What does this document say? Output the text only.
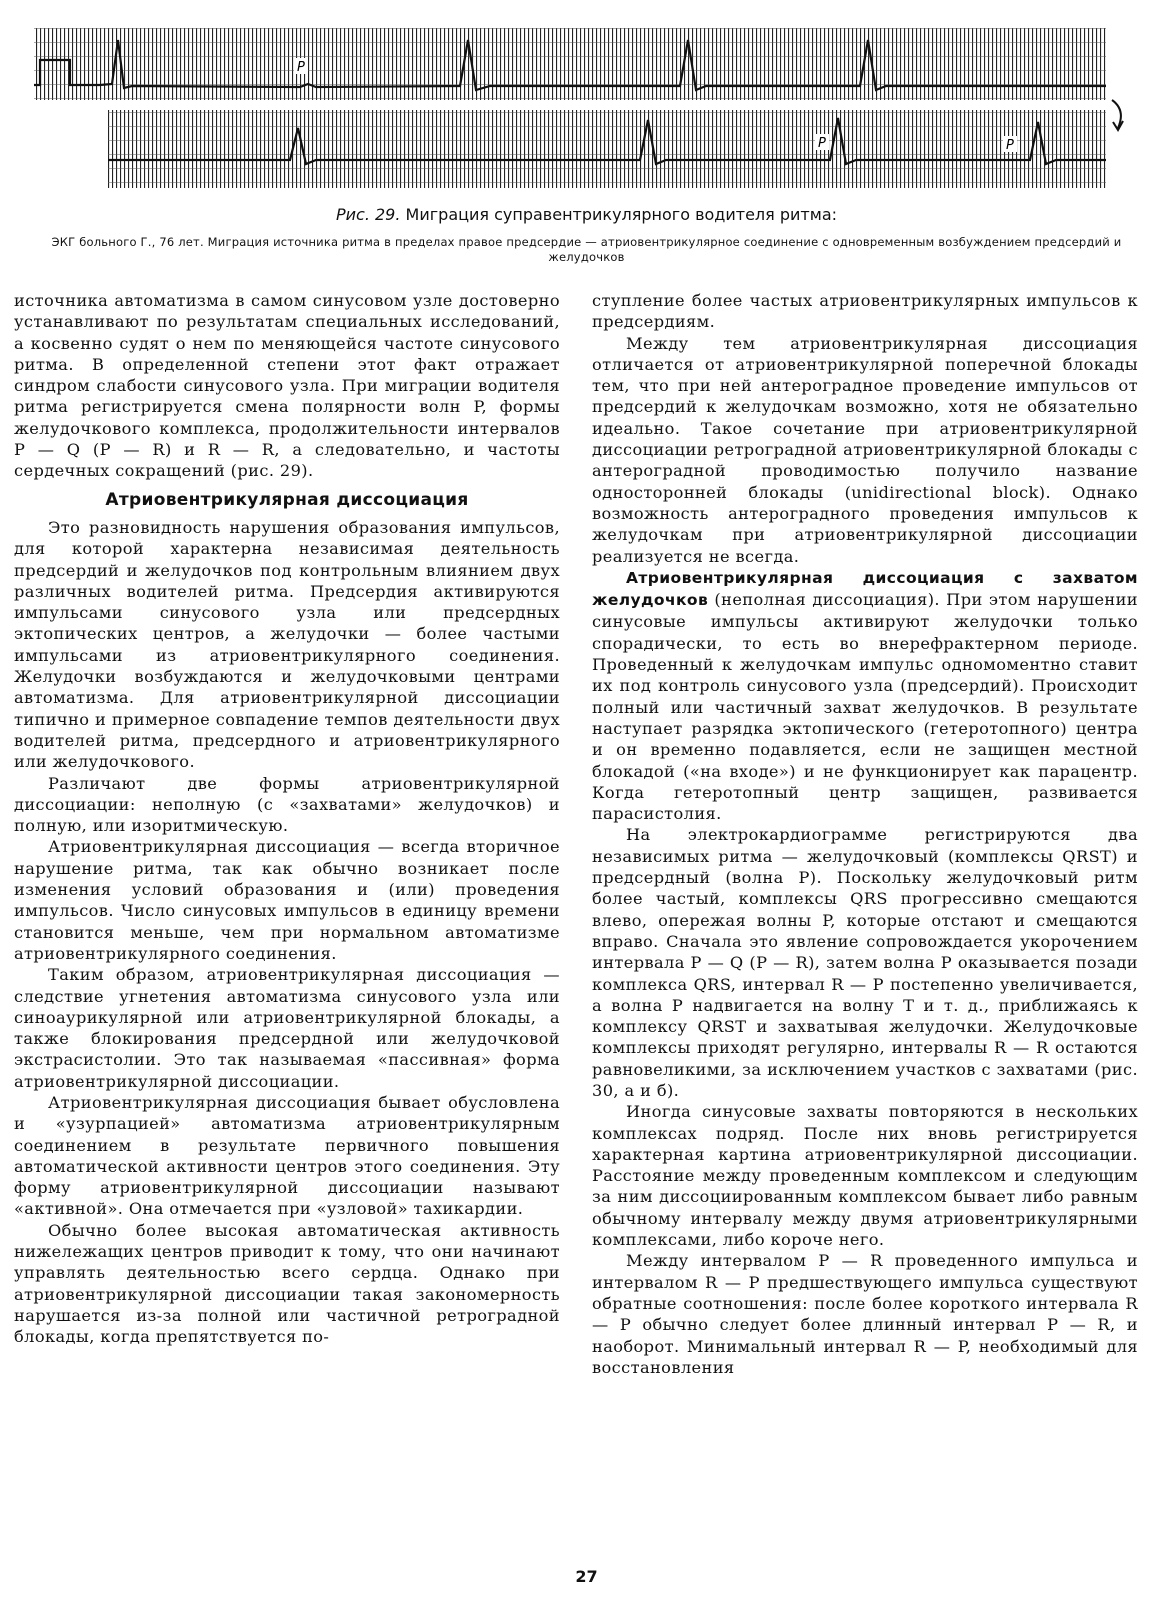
P
P	P
Рис. 29. Миграция суправентрикулярного водителя ритма:
ЭКГ больного Г., 76 лет. Миграция источника ритма в пределах правое предсердие — атриовентрикулярное соединение с одновременным возбуждением предсердий и желудочков

источника автоматизма в самом синусовом узле достоверно устанавливают по результатам специальных исследований, а косвенно судят о нем по меняющейся частоте синусового ритма. В определенной степени этот факт отражает синдром слабости синусового узла. При миграции водителя ритма регистрируется смена полярности волн P, формы желудочкового комплекса, продолжительности интервалов P — Q (P — R) и R — R, а следовательно, и частоты сердечных сокращений (рис. 29).

Атриовентрикулярная диссоциация

Это разновидность нарушения образования импульсов, для которой характерна независимая деятельность предсердий и желудочков под контрольным влиянием двух различных водителей ритма. Предсердия активируются импульсами синусового узла или предсердных эктопических центров, а желудочки — более частыми импульсами из атриовентрикулярного соединения. Желудочки возбуждаются и желудочковыми центрами автоматизма. Для атриовентрикулярной диссоциации типично и примерное совпадение темпов деятельности двух водителей ритма, предсердного и атриовентрикулярного или желудочкового.

Различают две формы атриовентрикулярной диссоциации: неполную (с «захватами» желудочков) и полную, или изоритмическую.

Атриовентрикулярная диссоциация — всегда вторичное нарушение ритма, так как обычно возникает после изменения условий образования и (или) проведения импульсов. Число синусовых импульсов в единицу времени становится меньше, чем при нормальном автоматизме атриовентрикулярного соединения.

Таким образом, атриовентрикулярная диссоциация — следствие угнетения автоматизма синусового узла или синоаурикулярной или атриовентрикулярной блокады, а также блокирования предсердной или желудочковой экстрасистолии. Это так называемая «пассивная» форма атриовентрикулярной диссоциации.

Атриовентрикулярная диссоциация бывает обусловлена и «узурпацией» автоматизма атриовентрикулярным соединением в результате первичного повышения автоматической активности центров этого соединения. Эту форму атриовентрикулярной диссоциации называют «активной». Она отмечается при «узловой» тахикардии.

Обычно более высокая автоматическая активность нижележащих центров приводит к тому, что они начинают управлять деятельностью всего сердца. Однако при атриовентрикулярной диссоциации такая закономерность нарушается из-за полной или частичной ретроградной блокады, когда препятствуется по-

ступление более частых атриовентрикулярных импульсов к предсердиям.

Между тем атриовентрикулярная диссоциация отличается от атриовентрикулярной поперечной блокады тем, что при ней антероградное проведение импульсов от предсердий к желудочкам возможно, хотя не обязательно идеально. Такое сочетание при атриовентрикулярной диссоциации ретроградной атриовентрикулярной блокады с антероградной проводимостью получило название односторонней блокады (unidirectional block). Однако возможность антероградного проведения импульсов к желудочкам при атриовентрикулярной диссоциации реализуется не всегда.

Атриовентрикулярная диссоциация с захватом желудочков (неполная диссоциация). При этом нарушении синусовые импульсы активируют желудочки только спорадически, то есть во внерефрактерном периоде. Проведенный к желудочкам импульс одномоментно ставит их под контроль синусового узла (предсердий). Происходит полный или частичный захват желудочков. В результате наступает разрядка эктопического (гетеротопного) центра и он временно подавляется, если не защищен местной блокадой («на входе») и не функционирует как парацентр. Когда гетеротопный центр защищен, развивается парасистолия.

На электрокардиограмме регистрируются два независимых ритма — желудочковый (комплексы QRST) и предсердный (волна P). Поскольку желудочковый ритм более частый, комплексы QRS прогрессивно смещаются влево, опережая волны P, которые отстают и смещаются вправо. Сначала это явление сопровождается укорочением интервала P — Q (P — R), затем волна P оказывается позади комплекса QRS, интервал R — P постепенно увеличивается, а волна P надвигается на волну T и т. д., приближаясь к комплексу QRST и захватывая желудочки. Желудочковые комплексы приходят регулярно, интервалы R — R остаются равновеликими, за исключением участков с захватами (рис. 30, а и б).

Иногда синусовые захваты повторяются в нескольких комплексах подряд. После них вновь регистрируется характерная картина атриовентрикулярной диссоциации. Расстояние между проведенным комплексом и следующим за ним диссоциированным комплексом бывает либо равным обычному интервалу между двумя атриовентрикулярными комплексами, либо короче него.

Между интервалом P — R проведенного импульса и интервалом R — P предшествующего импульса существуют обратные соотношения: после более короткого интервала R — P обычно следует более длинный интервал P — R, и наоборот. Минимальный интервал R — P, необходимый для восстановления

27
